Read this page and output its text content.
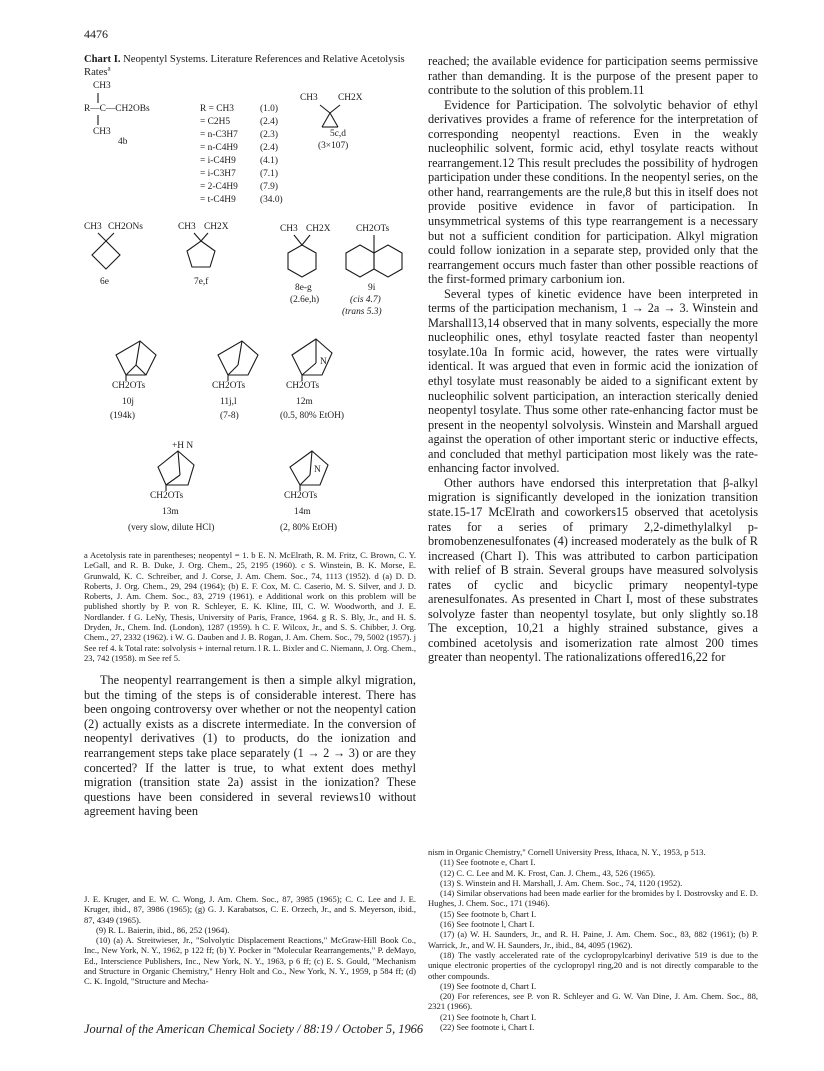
4476

Chart I. Neopentyl Systems. Literature References and Relative Acetolysis Rates$^a$

CH3
R—C—CH2OBs
CH3
4b
R = CH3	(1.0)
= C2H5	(2.4)
= n-C3H7 (2.3)
= n-C4H9 (2.4)
= i-C4H9	(4.1)
= i-C3H7	(7.1)
= 2-C4H9 (7.9)
= t-C4H9	(34.0)
CH3 CH2X
5c,d
(3×107)
CH3 CH2ONs
6e
CH3 CH2X
7e,f
CH3 CH2X
8e-g
(2.6e,h)
CH2OTs
9i
(cis 4.7)
(trans 5.3)
CH2OTs
10j
(194k)
CH2OTs
11j,l
(7-8)
N
CH2OTs
12m
(0.5, 80% EtOH)
+H N
CH2OTs
13m
(very slow, dilute HCl)
N
CH2OTs
14m
(2, 80% EtOH)
a Acetolysis rate in parentheses; neopentyl = 1. b E. N. McElrath, R. M. Fritz, C. Brown, C. Y. LeGall, and R. B. Duke, J. Org. Chem., 25, 2195 (1960). c S. Winstein, B. K. Morse, E. Grunwald, K. C. Schreiber, and J. Corse, J. Am. Chem. Soc., 74, 1113 (1952). d (a) D. D. Roberts, J. Org. Chem., 29, 294 (1964); (b) E. F. Cox, M. C. Caserio, M. S. Silver, and J. D. Roberts, J. Am. Chem. Soc., 83, 2719 (1961). e Additional work on this problem will be published shortly by P. von R. Schleyer, E. K. Kline, III, C. W. Woodworth, and J. E. Nordlander. f G. LeNy, Thesis, University of Paris, France, 1964. g R. S. Bly, Jr., and H. S. Dryden, Jr., Chem. Ind. (London), 1287 (1959). h C. F. Wilcox, Jr., and S. S. Chibber, J. Org. Chem., 27, 2332 (1962). i W. G. Dauben and J. B. Rogan, J. Am. Chem. Soc., 79, 5002 (1957). j See ref 4. k Total rate: solvolysis + internal return. l R. L. Bixler and C. Niemann, J. Org. Chem., 23, 742 (1958). m See ref 5.

The neopentyl rearrangement is then a simple alkyl migration, but the timing of the steps is of considerable interest. There has been ongoing controversy over whether or not the neopentyl cation (2) actually exists as a discrete intermediate. In the conversion of neopentyl derivatives (1) to products, do the ionization and rearrangement steps take place separately (1 → 2 → 3) or are they concerted? If the latter is true, to what extent does methyl migration (transition state 2a) assist in the ionization? These questions have been considered in several reviews10 without agreement having been

J. E. Kruger, and E. W. C. Wong, J. Am. Chem. Soc., 87, 3985 (1965); C. C. Lee and J. E. Kruger, ibid., 87, 3986 (1965); (g) G. J. Karabatsos, C. E. Orzech, Jr., and S. Meyerson, ibid., 87, 4349 (1965).
(9) R. L. Baierin, ibid., 86, 252 (1964).
(10) (a) A. Streitwieser, Jr., "Solvolytic Displacement Reactions," McGraw-Hill Book Co., Inc., New York, N. Y., 1962, p 122 ff; (b) Y. Pocker in "Molecular Rearrangements," P. deMayo, Ed., Interscience Publishers, Inc., New York, N. Y., 1963, p 6 ff; (c) E. S. Gould, "Mechanism and Structure in Organic Chemistry," Henry Holt and Co., New York, N. Y., 1959, p 584 ff; (d) C. K. Ingold, "Structure and Mecha-

reached; the available evidence for participation seems permissive rather than demanding. It is the purpose of the present paper to contribute to the solution of this problem.11

Evidence for Participation. The solvolytic behavior of ethyl derivatives provides a frame of reference for the interpretation of corresponding neopentyl reactions. Even in the weakly nucleophilic solvent, formic acid, ethyl tosylate reacts without rearrangement.12 This result precludes the possibility of hydrogen participation under these conditions. In the neopentyl series, on the other hand, rearrangements are the rule,8 but this in itself does not provide positive evidence in favor of participation. In unsymmetrical systems of this type rearrangement is a necessary but not a sufficient condition for participation. Alkyl migration could follow ionization in a separate step, provided only that the rearrangement occurs much faster than other possible reactions of the first-formed primary carbonium ion.

Several types of kinetic evidence have been interpreted in terms of the participation mechanism, 1 → 2a → 3. Winstein and Marshall13,14 observed that in many solvents, especially the more nucleophilic ones, ethyl tosylate reacted faster than neopentyl tosylate.10a In formic acid, however, the rates were virtually identical. It was argued that even in formic acid the ionization of ethyl tosylate must reasonably be aided to a significant extent by nucleophilic solvent participation, an interaction sterically denied neopentyl tosylate. Thus some other rate-enhancing factor must be present in the neopentyl solvolysis. Winstein and Marshall argued against the operation of other important steric or inductive effects, and concluded that methyl participation most likely was the rate-enhancing factor involved.

Other authors have endorsed this interpretation that β-alkyl migration is significantly developed in the ionization transition state.15-17 McElrath and coworkers15 observed that acetolysis rates for a series of primary 2,2-dimethylalkyl p-bromobenzenesulfonates (4) increased moderately as the bulk of R increased (Chart I). This was attributed to carbon participation with relief of B strain. Several groups have measured solvolysis rates of cyclic and bicyclic primary neopentyl-type arenesulfonates. As presented in Chart I, most of these substrates solvolyze faster than neopentyl tosylate, but only slightly so.18 The exception, 10,21 a highly strained substance, gives a combined acetolysis and isomerization rate almost 200 times greater than neopentyl. The rationalizations offered16,22 for

nism in Organic Chemistry," Cornell University Press, Ithaca, N. Y., 1953, p 513.
(11) See footnote e, Chart I.
(12) C. C. Lee and M. K. Frost, Can. J. Chem., 43, 526 (1965).
(13) S. Winstein and H. Marshall, J. Am. Chem. Soc., 74, 1120 (1952).
(14) Similar observations had been made earlier for the bromides by I. Dostrovsky and E. D. Hughes, J. Chem. Soc., 171 (1946).
(15) See footnote b, Chart I.
(16) See footnote l, Chart I.
(17) (a) W. H. Saunders, Jr., and R. H. Paine, J. Am. Chem. Soc., 83, 882 (1961); (b) P. Warrick, Jr., and W. H. Saunders, Jr., ibid., 84, 4095 (1962).
(18) The vastly accelerated rate of the cyclopropylcarbinyl derivative 519 is due to the unique electronic properties of the cyclopropyl ring,20 and is not directly comparable to the other compounds.
(19) See footnote d, Chart I.
(20) For references, see P. von R. Schleyer and G. W. Van Dine, J. Am. Chem. Soc., 88, 2321 (1966).
(21) See footnote h, Chart I.
(22) See footnote i, Chart I.
Journal of the American Chemical Society / 88:19 / October 5, 1966
